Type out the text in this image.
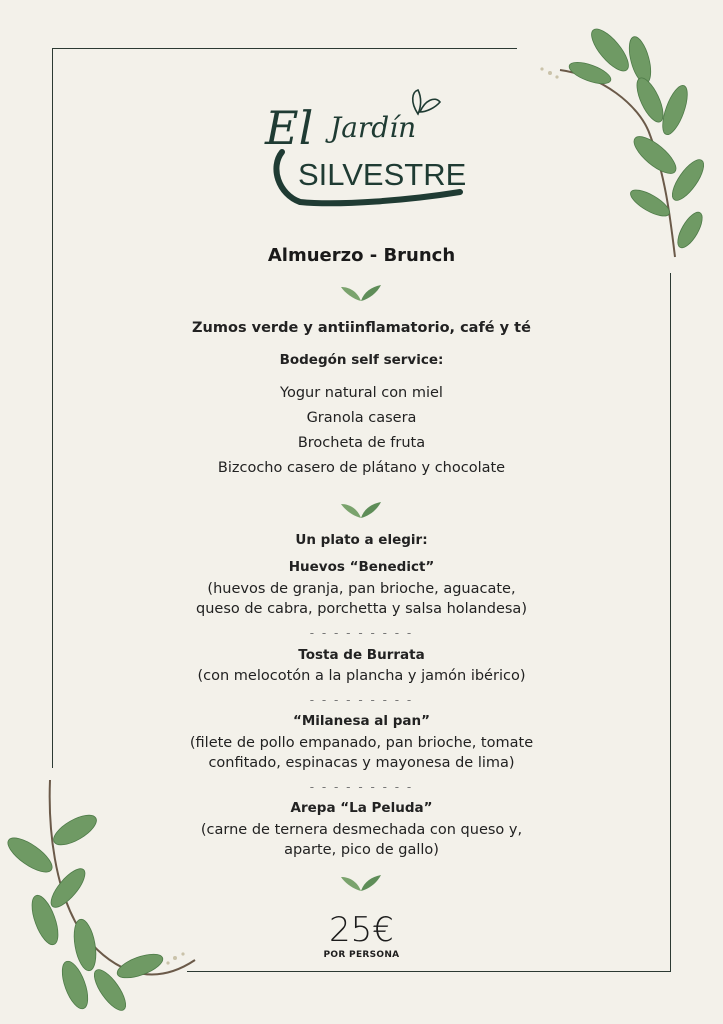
El Jardín
SILVESTRE
Almuerzo - Brunch
Zumos verde y antiinflamatorio, café y té
Bodegón self service:
Yogur natural con miel
Granola casera
Brocheta de fruta
Bizcocho casero de plátano y chocolate
Un plato a elegir:
Huevos “Benedict”
(huevos de granja, pan brioche, aguacate,
queso de cabra, porchetta y salsa holandesa)
- - - - - - - - -
Tosta de Burrata
(con melocotón a la plancha y jamón ibérico)
- - - - - - - - -
“Milanesa al pan”
(filete de pollo empanado, pan brioche, tomate
confitado, espinacas y mayonesa de lima)
- - - - - - - - -
Arepa “La Peluda”
(carne de ternera desmechada con queso y,
aparte, pico de gallo)
25€
POR PERSONA
